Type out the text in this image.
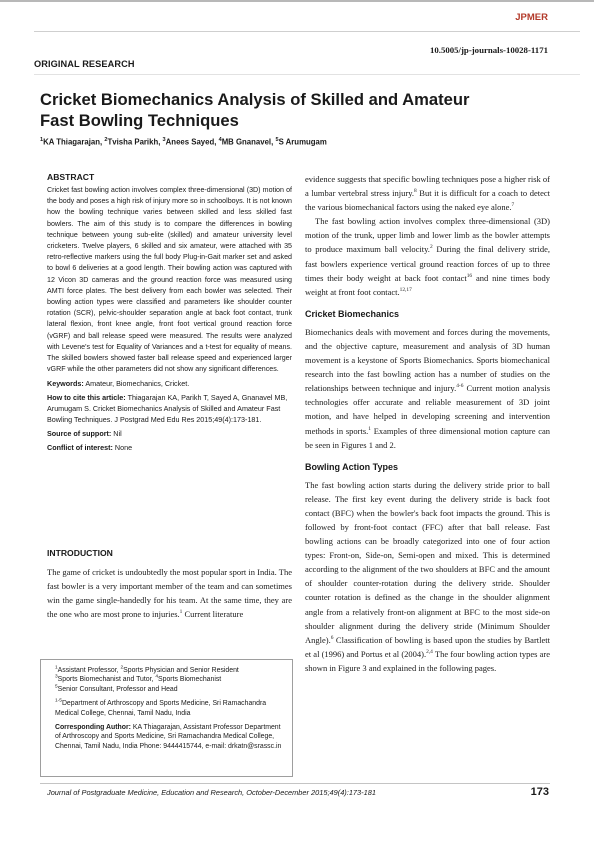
JPMER
10.5005/jp-journals-10028-1171
ORIGINAL RESEARCH
Cricket Biomechanics Analysis of Skilled and Amateur Fast Bowling Techniques

$^1$KA Thiagarajan, $^2$Tvisha Parikh, $^3$Anees Sayed, $^4$MB Gnanavel, $^5$S Arumugam

ABSTRACT

Cricket fast bowling action involves complex three-dimensional (3D) motion of the body and poses a high risk of injury more so in schoolboys. It is not known how the bowling technique varies between skilled and less skilled fast bowlers. The aim of this study is to compare the differences in bowling technique between young sub-elite (skilled) and amateur university level cricketers. Twelve players, 6 skilled and six amateur, were attached with 35 retro-reflective markers using the full body Plug-in-Gait marker set and asked to bowl 6 deliveries at a good length. Their bowling action was captured with 12 Vicon 3D cameras and the ground reaction force was measured using AMTI force plates. The best delivery from each bowler was selected. Their bowling action types were classified and parameters like shoulder counter rotation (SCR), pelvic-shoulder separation angle at back foot contact, trunk lateral flexion, front knee angle, front foot vertical ground reaction force (vGRF) and ball release speed were measured. The results were analyzed with Levene's test for Equality of Variances and a t-test for equality of means. The skilled bowlers showed faster ball release speed and experienced larger vGRF while the other parameters did not show any significant differences.

Keywords: Amateur, Biomechanics, Cricket.

How to cite this article: Thiagarajan KA, Parikh T, Sayed A, Gnanavel MB, Arumugam S. Cricket Biomechanics Analysis of Skilled and Amateur Fast Bowling Techniques. J Postgrad Med Edu Res 2015;49(4):173-181.

Source of support: Nil

Conflict of interest: None

INTRODUCTION

The game of cricket is undoubtedly the most popular sport in India. The fast bowler is a very important member of the team and can sometimes win the game single-handedly for his team. At the same time, they are the one who are most prone to injuries.$^1$ Current literature

$^1$Assistant Professor, $^2$Sports Physician and Senior Resident

$^3$Sports Biomechanist and Tutor, $^4$Sports Biomechanist

$^5$Senior Consultant, Professor and Head

$^{1-5}$Department of Arthroscopy and Sports Medicine, Sri Ramachandra Medical College, Chennai, Tamil Nadu, India

Corresponding Author: KA Thiagarajan, Assistant Professor Department of Arthroscopy and Sports Medicine, Sri Ramachandra Medical College, Chennai, Tamil Nadu, India Phone: 9444415744, e-mail: drkatn@srassc.in

evidence suggests that specific bowling techniques pose a higher risk of a lumbar vertebral stress injury.$^8$ But it is difficult for a coach to detect the various biomechanical factors using the naked eye alone.$^7$

The fast bowling action involves complex three-dimensional (3D) motion of the trunk, upper limb and lower limb as the bowler attempts to produce maximum ball velocity.$^2$ During the final delivery stride, fast bowlers experience vertical ground reaction forces of up to three times their body weight at back foot contact$^{16}$ and nine times body weight at front foot contact.$^{12,17}$

Cricket Biomechanics

Biomechanics deals with movement and forces during the movements, and the objective capture, measurement and analysis of 3D human movement is a keystone of Sports Biomechanics. Sports biomechanical research into the fast bowling action has a number of studies on the relationships between technique and injury.$^{4-6}$ Current motion analysis technologies offer accurate and reliable measurement of 3D joint motion, and have helped in developing screening and intervention methods in sports.$^1$ Examples of three dimensional motion capture can be seen in Figures 1 and 2.

Bowling Action Types

The fast bowling action starts during the delivery stride prior to ball release. The first key event during the delivery stride is back foot contact (BFC) when the bowler's back foot impacts the ground. This is followed by front-foot contact (FFC) after that ball release. Fast bowling actions can be broadly categorized into one of four action types: Front-on, Side-on, Semi-open and mixed. This is determined according to the alignment of the two shoulders at BFC and the amount of shoulder counter-rotation during the delivery stride. Shoulder counter rotation is defined as the change in the shoulder alignment angle from a relatively front-on alignment at BFC to the most side-on shoulder alignment during the delivery stride (Minimum Shoulder Angle).$^6$ Classification of bowling is based upon the studies by Bartlett et al (1996) and Portus et al (2004).$^{2,4}$ The four bowling action types are shown in Figure 3 and explained in the following pages.

Journal of Postgraduate Medicine, Education and Research, October-December 2015;49(4):173-181	173
